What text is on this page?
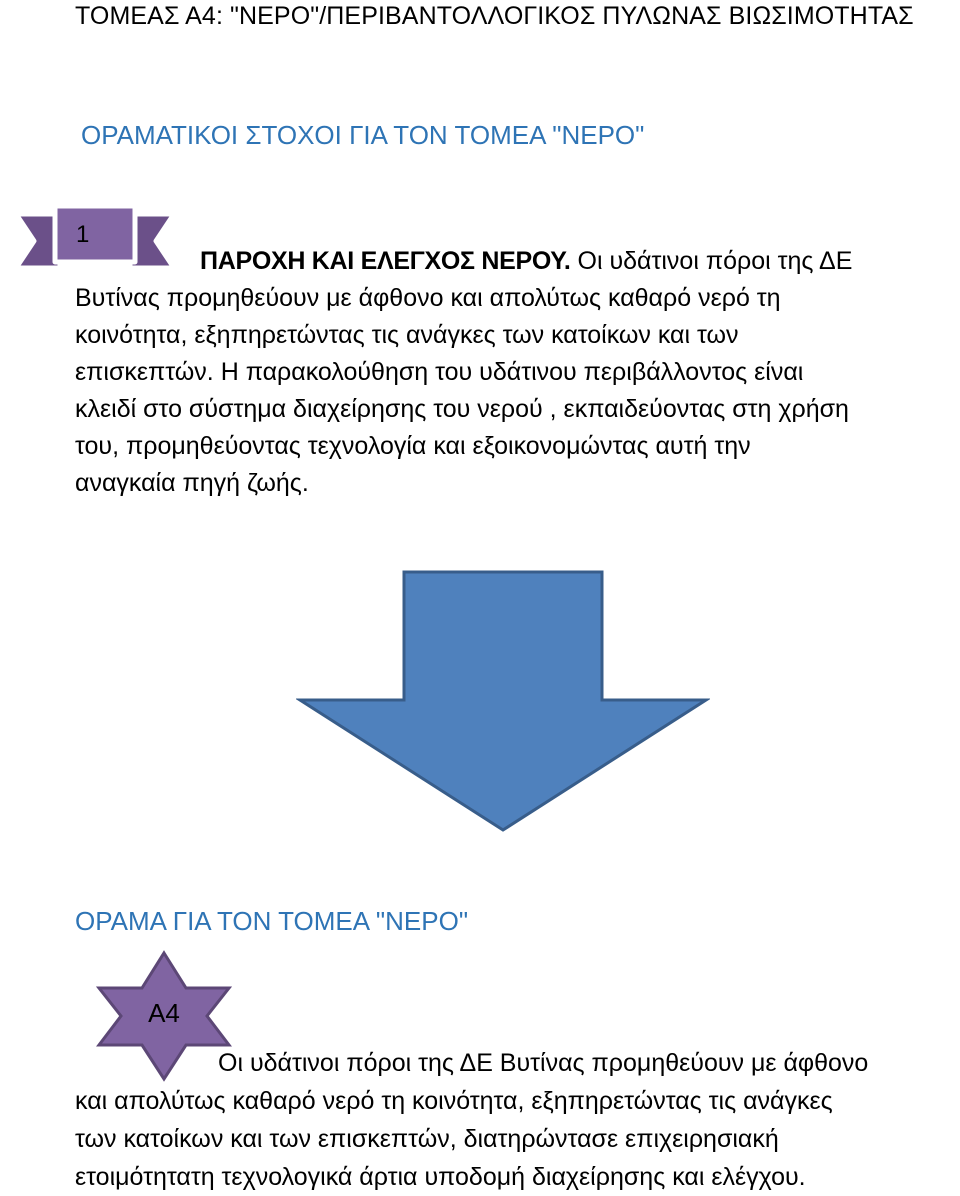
ΤΟΜΕΑΣ Α4: "ΝΕΡΟ"/ΠΕΡΙΒΑΝΤΟΛΛΟΓΙΚΟΣ ΠΥΛΩΝΑΣ ΒΙΩΣΙΜΟΤΗΤΑΣ
ΟΡΑΜΑΤΙΚΟΙ ΣΤΟΧΟΙ ΓΙΑ ΤΟΝ ΤΟΜΕΑ "ΝΕΡΟ"
1
ΠΑΡΟΧΗ ΚΑΙ ΕΛΕΓΧΟΣ ΝΕΡΟΥ. Οι υδάτινοι πόροι της ΔΕ
Βυτίνας προμηθεύουν με άφθονο και απολύτως καθαρό νερό τη
κοινότητα, εξηπηρετώντας τις ανάγκες των κατοίκων και των
επισκεπτών. Η παρακολούθηση του υδάτινου περιβάλλοντος είναι
κλειδί στο σύστημα διαχείρησης του νερού , εκπαιδεύοντας στη χρήση
του, προμηθεύοντας τεχνολογία και εξοικονομώντας αυτή την
αναγκαία πηγή ζωής.
ΟΡΑΜΑ ΓΙΑ ΤΟΝ ΤΟΜΕΑ "ΝΕΡΟ"
Α4
Οι υδάτινοι πόροι της ΔΕ Βυτίνας προμηθεύουν με άφθονο
και απολύτως καθαρό νερό τη κοινότητα, εξηπηρετώντας τις ανάγκες
των κατοίκων και των επισκεπτών, διατηρώντασε επιχειρησιακή
ετοιμότητατη τεχνολογικά άρτια υποδομή διαχείρησης και ελέγχου.
